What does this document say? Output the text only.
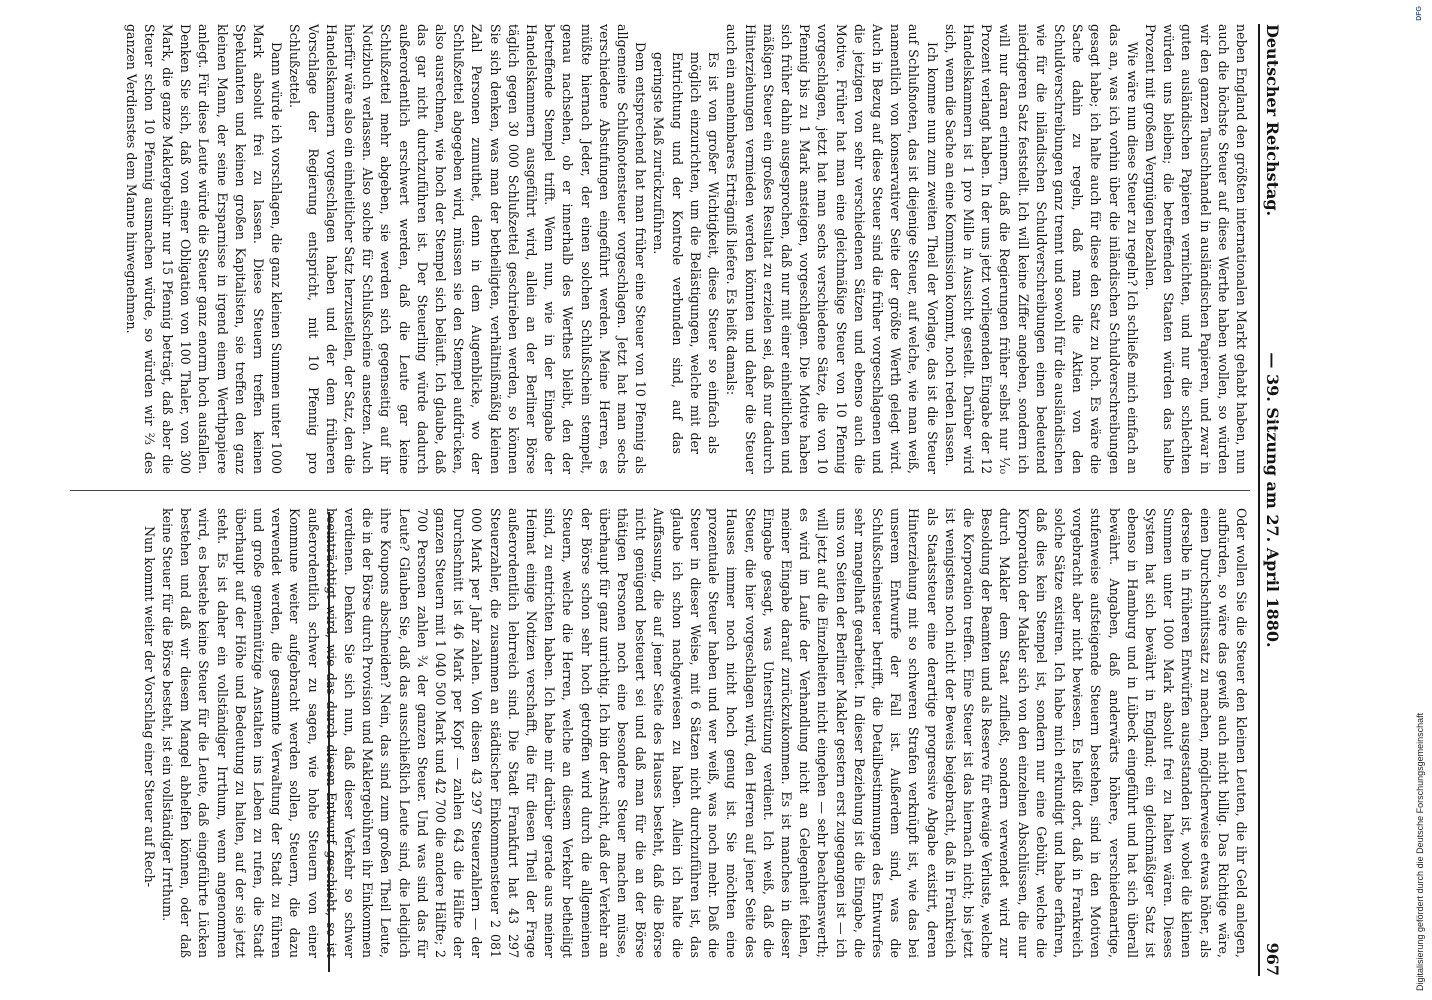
Deutscher Reichstag.
— 39. Sitzung am 27. April 1880.
967

neben England den größten internationalen Markt gehabt haben, nun auch die höchste Steuer auf diese Werthe haben wollen, so würden wir den ganzen Tauschhandel in ausländischen Papieren, und zwar in guten ausländischen Papieren vernichten, und nur die schlechten würden uns bleiben; die betreffenden Staaten würden das halbe Prozent mit großem Vergnügen bezahlen.

Wie wäre nun diese Steuer zu regeln? Ich schließe mich einfach an das an, was ich vorhin über die inländischen Schuldverschreibungen gesagt habe; ich halte auch für diese den Satz zu hoch. Es wäre die Sache dahin zu regeln, daß man die Aktien von den Schuldverschreibungen ganz trennt und sowohl für die ausländischen wie für die inländischen Schuldverschreibungen einen bedeutend niedrigeren Satz feststellt. Ich will keine Ziffer angeben, sondern ich will nur daran erinnern, daß die Regierungen früher selbst nur ⅒ Prozent verlangt haben. In der uns jetzt vorliegenden Eingabe der 12 Handelskammern ist 1 pro Mille in Aussicht gestellt. Darüber wird sich, wenn die Sache an eine Kommission kommt, noch reden lassen.

Ich komme nun zum zweiten Theil der Vorlage, das ist die Steuer auf Schlußnoten, das ist diejenige Steuer, auf welche, wie man weiß, namentlich von konservativer Seite der größte Werth gelegt wird. Auch in Bezug auf diese Steuer sind die früher vorgeschlagenen und die jetzigen von sehr verschiedenen Sätzen und ebenso auch die Motive. Früher hat man eine gleichmäßige Steuer von 10 Pfennig vorgeschlagen, jetzt hat man sechs verschiedene Sätze, die von 10 Pfennig bis zu 1 Mark ansteigen, vorgeschlagen. Die Motive haben sich früher dahin ausgesprochen, daß nur mit einer einheitlichen und mäßigen Steuer ein großes Resultat zu erzielen sei, daß nur dadurch Hinterziehungen vermieden werden könnten und daher die Steuer auch ein annehmbares Erträgniß liefere. Es heißt damals:

Es ist von großer Wichtigkeit, diese Steuer so einfach als möglich einzurichten, um die Belästigungen, welche mit der Entrichtung und der Kontrole verbunden sind, auf das geringste Maß zurückzuführen.

Dem entsprechend hat man früher eine Steuer von 10 Pfennig als allgemeine Schlußnotensteuer vorgeschlagen. Jetzt hat man sechs verschiedene Abstufungen eingeführt werden. Meine Herren, es müßte hiernach Jeder, der einen solchen Schlußschein stempelt, genau nachsehen, ob er innerhalb des Werthes bleibt, den der betreffende Stempel trifft. Wenn nun, wie in der Eingabe der Handelskammern ausgeführt wird, allein an der Berliner Börse täglich gegen 30 000 Schlußzettel geschrieben werden, so können Sie sich denken, was man der betheiligten, verhältnißmäßig kleinen Zahl Personen zumuthet, denn in dem Augenblicke, wo der Schlußzettel abgegeben wird, müssen sie den Stempel aufdrücken, also ausrechnen, wie hoch der Stempel sich beläuft. Ich glaube, daß das gar nicht durchzuführen ist. Der Steuerling würde dadurch außerordentlich erschwert werden, daß die Leute gar keine Schlußzettel mehr abgeben, sie werden sich gegenseitig auf ihr Notizbuch verlassen. Also solche für Schlußscheine ansetzen. Auch hierfür wäre also ein einheitlicher Satz herzustellen, der Satz, den die Handelskammern vorgeschlagen haben und der dem früheren Vorschlage der Regierung entspricht, mit 10 Pfennig pro Schlußzettel.

Dann würde ich vorschlagen, die ganz kleinen Summen unter 1000 Mark absolut frei zu lassen. Diese Steuern treffen keinen Spekulanten und keinen großen Kapitalisten, sie treffen den ganz kleinen Mann, der seine Ersparnisse in irgend einem Werthpapiere anlegt. Für diese Leute würde die Steuer ganz enorm hoch ausfallen. Denken Sie sich, daß von einer Obligation von 100 Thaler, von 300 Mark, die ganze Maklergebühr nur 15 Pfennig beträgt, daß aber die Steuer schon 10 Pfennig ausmachen würde, so würden wir ⅔ des ganzen Verdienstes dem Manne hinwegnehmen.

Oder wollen Sie die Steuer den kleinen Leuten, die ihr Geld anlegen, aufbürden, so wäre das gewiß auch nicht billig. Das Richtige wäre, einen Durchschnittssatz zu machen, möglicherweise etwas höher, als derselbe in früheren Entwürfen ausgestanden ist, wobei die kleinen Summen unter 1000 Mark absolut frei zu halten wären. Dieses System hat sich bewährt in England; ein gleichmäßiger Satz ist ebenso in Hamburg und in Lübeck eingeführt und hat sich überall bewährt. Angaben, daß anderwärts höhere, verschiedenartige, stufenweise aufsteigende Steuern bestehen, sind in den Motiven vorgebracht aber nicht bewiesen. Es heißt dort, daß in Frankreich solche Sätze existiren. Ich habe mich erkundigt und habe erfahren, daß dies kein Stempel ist, sondern nur eine Gebühr, welche die Korporation der Makler sich von den einzelnen Abschlüssen, die nur durch Makler dem Staat zufließt, sondern verwendet wird zur Besoldung der Beamten und als Reserve für etwaige Verluste, welche die Korporation treffen. Eine Steuer ist das hiernach nicht; bis jetzt ist wenigstens noch nicht der Beweis beigebracht, daß in Frankreich als Staatssteuer eine derartige progressive Abgabe existirt, deren Hinterziehung mit so schweren Strafen verknüpft ist, wie das bei unserem Entwurfe der Fall ist. Außerdem sind, was die Schlußscheinsteuer betrifft, die Detailbestimmungen des Entwurfes sehr mangelhaft gearbeitet. In dieser Beziehung ist die Eingabe, die uns von Seiten der Berliner Makler gestern erst zugegangen ist — ich will jetzt auf die Einzelheiten nicht eingehen — sehr beachtenswerth; es wird im Laufe der Verhandlung nicht an Gelegenheit fehlen, meiner Eingabe darauf zurückzukommen. Es ist manches in dieser Eingabe gesagt, was Unterstützung verdient. Ich weiß, daß die Steuer, die hier vorgeschlagen wird, den Herren auf jener Seite des Hauses immer noch nicht hoch genug ist. Sie möchten eine prozentuale Steuer haben und wer weiß, was noch mehr. Daß die Steuer in dieser Weise, mit 6 Sätzen nicht durchzuführen ist, das glaube ich schon nachgewiesen zu haben. Allein ich halte die Auffassung, die auf jener Seite des Hauses besteht, daß die Börse nicht genügend besteuert sei und daß man für die an der Börse thätigen Personen noch eine besondere Steuer machen müsse, überhaupt für ganz unrichtig. Ich bin der Ansicht, daß der Verkehr an der Börse schon sehr hoch getroffen wird durch die allgemeinen Steuern, welche die Herren, welche an diesem Verkehr betheiligt sind, zu entrichten haben. Ich habe mir darüber gerade aus meiner Heimat einige Notizen verschafft, die für diesen Theil der Frage außerordentlich lehrreich sind. Die Stadt Frankfurt hat 43 297 Steuerzahler, die zusammen an städtischer Einkommensteuer 2 081 000 Mark per Jahr zahlen. Von diesen 43 297 Steuerzahlern — der Durchschnitt ist 46 Mark per Kopf — zahlen 643 die Hälfte der ganzen Steuern mit 1 040 500 Mark und 42 700 die andere Hälfte; 2 700 Personen zahlen ¾ der ganzen Steuer. Und was sind das für Leute? Glauben Sie, daß das ausschließlich Leute sind, die lediglich ihre Koupons abschneiden? Nein, das sind zum großen Theil Leute, die in der Börse durch Provision und Maklergebühren ihr Einkommen verdienen. Denken Sie sich nun, daß dieser Verkehr so schwer beeinträchtigt wird, wie das durch diesen Entwurf geschieht, so ist außerordentlich schwer zu sagen, wie hohe Steuern von einer Kommune weiter aufgebracht werden sollen, Steuern, die dazu verwendet werden, die gesammte Verwaltung der Stadt zu führen und große gemeinnützige Anstalten ins Leben zu rufen, die Stadt überhaupt auf der Höhe und Bedeutung zu halten, auf der sie jetzt steht. Es ist daher ein vollständiger Irrthum, wenn angenommen wird, es bestehe keine Steuer für die Leute, daß eingeführte Lücken bestehen und daß wir diesem Mangel abhelfen können, oder daß keine Steuer für die Börse besteht, ist ein vollständiger Irrthum.

Nun kommt weiter der Vorschlag einer Steuer auf Rech-	Digitalisierung gefördert durch die Deutsche Forschungsgemeinschaft
DFG
